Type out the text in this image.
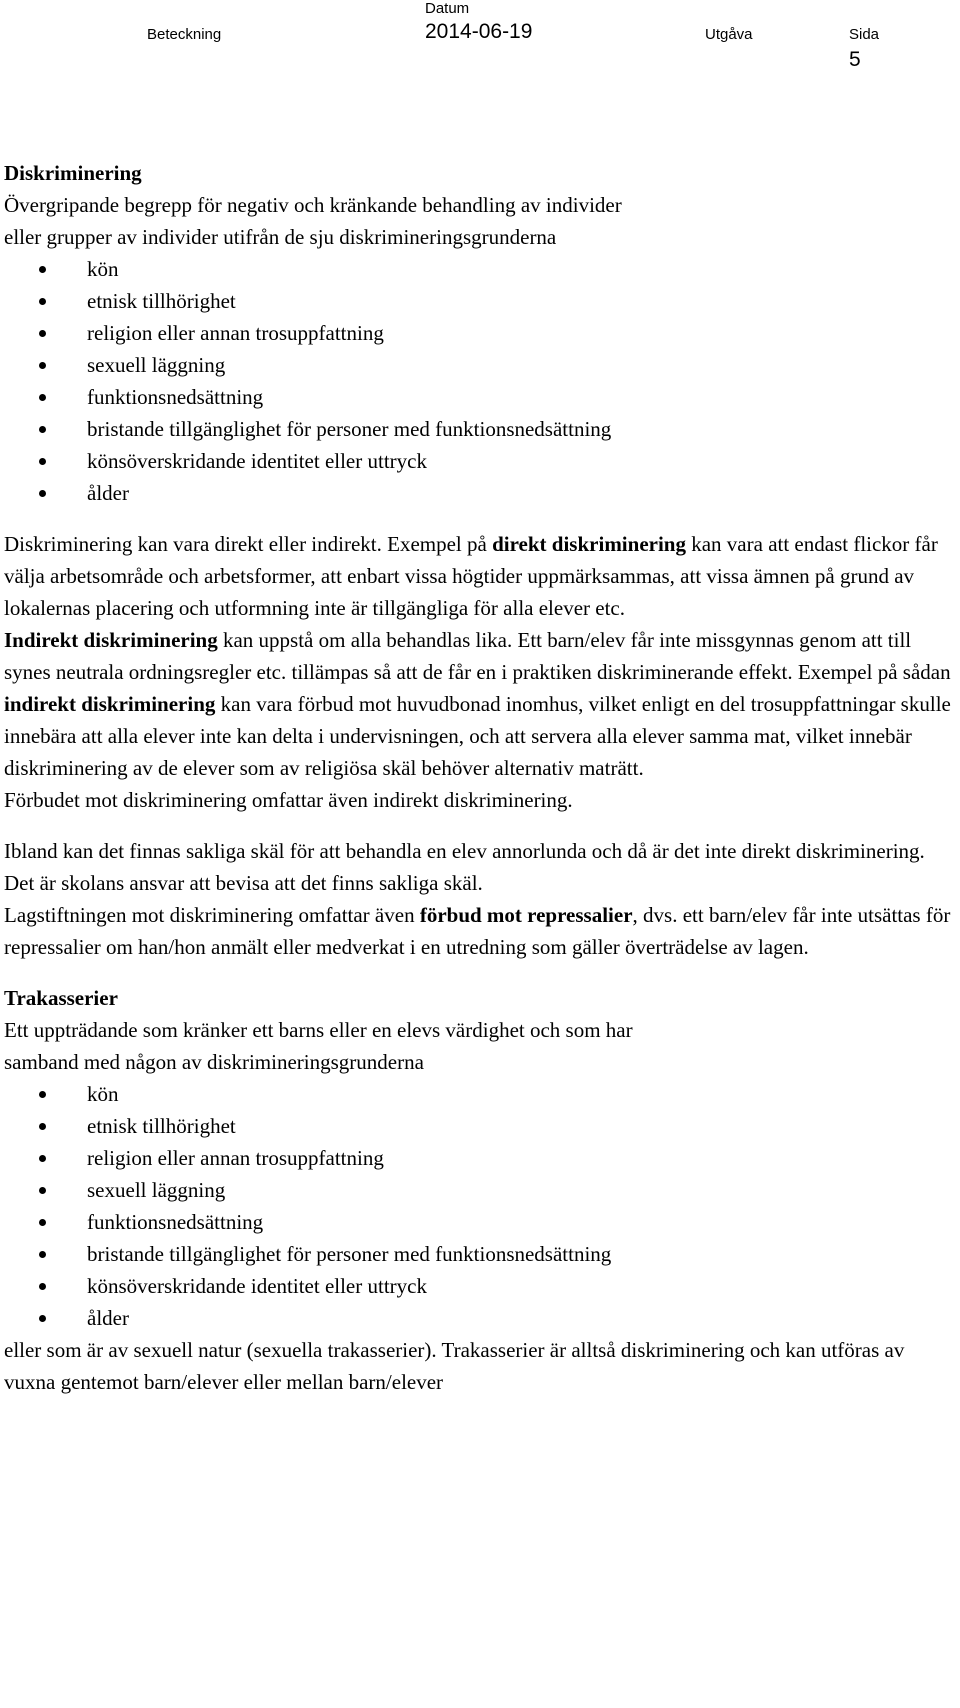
Beteckning
Datum
2014-06-19	Utgåva	Sida
5

Diskriminering

Övergripande begrepp för negativ och kränkande behandling av individer

eller grupper av individer utifrån de sju diskrimineringsgrunderna

kön
etnisk tillhörighet
religion eller annan trosuppfattning
sexuell läggning
funktionsnedsättning
bristande tillgänglighet för personer med funktionsnedsättning
könsöverskridande identitet eller uttryck
ålder

Diskriminering kan vara direkt eller indirekt. Exempel på direkt diskriminering kan vara att endast flickor får välja arbetsområde och arbetsformer, att enbart vissa högtider uppmärksammas, att vissa ämnen på grund av lokalernas placering och utformning inte är tillgängliga för alla elever etc.

Indirekt diskriminering kan uppstå om alla behandlas lika. Ett barn/elev får inte missgynnas genom att till synes neutrala ordningsregler etc. tillämpas så att de får en i praktiken diskriminerande effekt. Exempel på sådan indirekt diskriminering kan vara förbud mot huvudbonad inomhus, vilket enligt en del trosuppfattningar skulle innebära att alla elever inte kan delta i undervisningen, och att servera alla elever samma mat, vilket innebär diskriminering av de elever som av religiösa skäl behöver alternativ maträtt.

Förbudet mot diskriminering omfattar även indirekt diskriminering.

Ibland kan det finnas sakliga skäl för att behandla en elev annorlunda och då är det inte direkt diskriminering. Det är skolans ansvar att bevisa att det finns sakliga skäl.

Lagstiftningen mot diskriminering omfattar även förbud mot repressalier, dvs. ett barn/elev får inte utsättas för repressalier om han/hon anmält eller medverkat i en utredning som gäller överträdelse av lagen.

Trakasserier

Ett uppträdande som kränker ett barns eller en elevs värdighet och som har

samband med någon av diskrimineringsgrunderna

kön
etnisk tillhörighet
religion eller annan trosuppfattning
sexuell läggning
funktionsnedsättning
bristande tillgänglighet för personer med funktionsnedsättning
könsöverskridande identitet eller uttryck
ålder

eller som är av sexuell natur (sexuella trakasserier). Trakasserier är alltså diskriminering och kan utföras av vuxna gentemot barn/elever eller mellan barn/elever
